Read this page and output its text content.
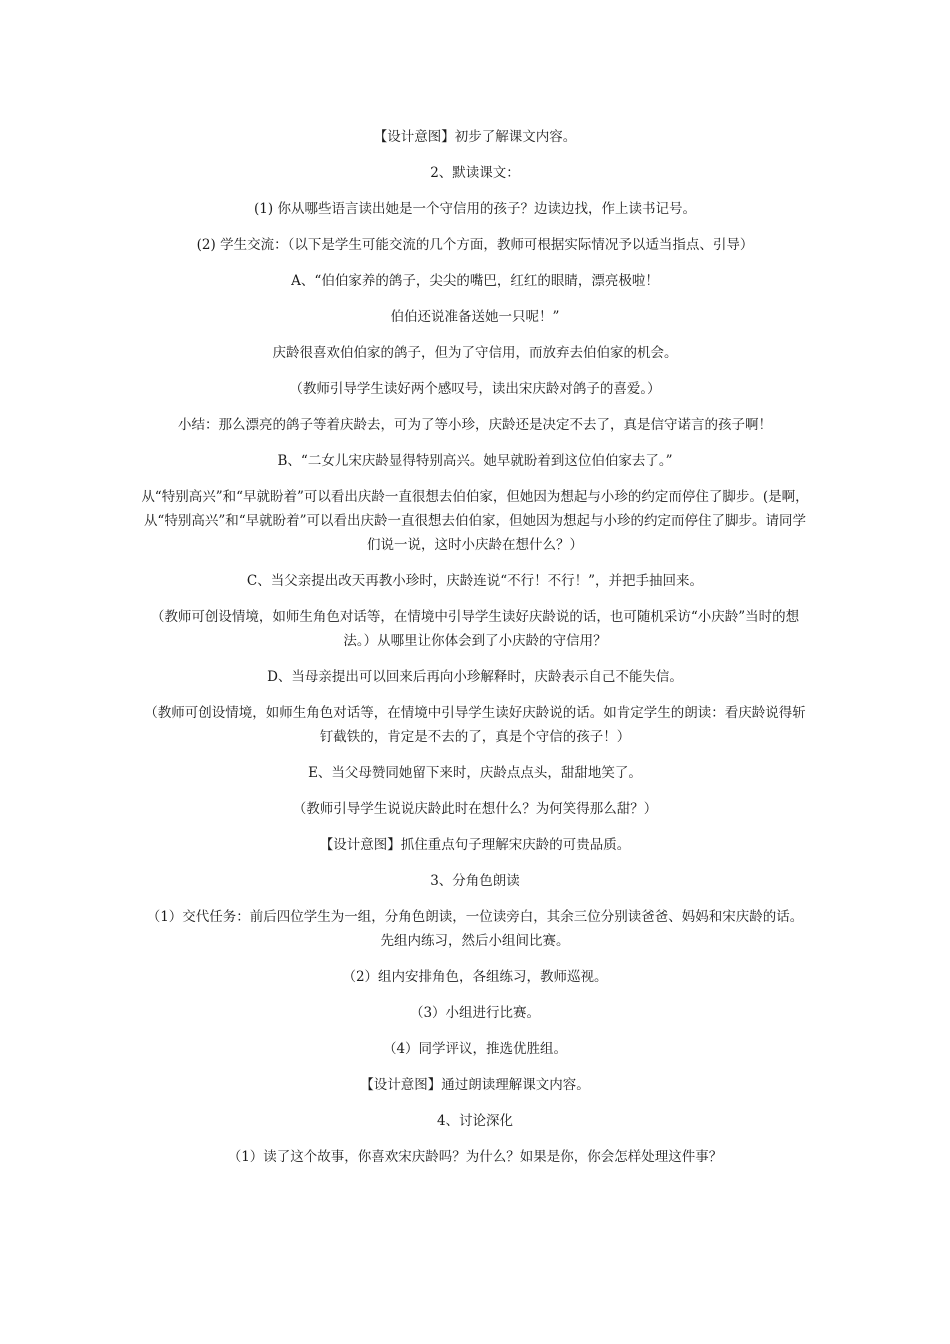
【设计意图】初步了解课文内容。

2、默读课文：

(1) 你从哪些语言读出她是一个守信用的孩子？边读边找，作上读书记号。

(2) 学生交流：（以下是学生可能交流的几个方面，教师可根据实际情况予以适当指点、引导）

A、“伯伯家养的鸽子，尖尖的嘴巴，红红的眼睛，漂亮极啦！

伯伯还说准备送她一只呢！”

庆龄很喜欢伯伯家的鸽子，但为了守信用，而放弃去伯伯家的机会。

（教师引导学生读好两个感叹号，读出宋庆龄对鸽子的喜爱。）

小结：那么漂亮的鸽子等着庆龄去，可为了等小珍，庆龄还是决定不去了，真是信守诺言的孩子啊！

B、“二女儿宋庆龄显得特别高兴。她早就盼着到这位伯伯家去了。”

从“特别高兴”和“早就盼着”可以看出庆龄一直很想去伯伯家，但她因为想起与小珍的约定而停住了脚步。(是啊，从“特别高兴”和“早就盼着”可以看出庆龄一直很想去伯伯家，但她因为想起与小珍的约定而停住了脚步。请同学们说一说，这时小庆龄在想什么？）

C、当父亲提出改天再教小珍时，庆龄连说“不行！不行！”，并把手抽回来。

（教师可创设情境，如师生角色对话等，在情境中引导学生读好庆龄说的话，也可随机采访“小庆龄”当时的想法。）从哪里让你体会到了小庆龄的守信用？

D、当母亲提出可以回来后再向小珍解释时，庆龄表示自己不能失信。

（教师可创设情境，如师生角色对话等，在情境中引导学生读好庆龄说的话。如肯定学生的朗读：看庆龄说得斩钉截铁的，肯定是不去的了，真是个守信的孩子！）

E、当父母赞同她留下来时，庆龄点点头，甜甜地笑了。

（教师引导学生说说庆龄此时在想什么？为何笑得那么甜？）

【设计意图】抓住重点句子理解宋庆龄的可贵品质。

3、分角色朗读

（1）交代任务：前后四位学生为一组，分角色朗读，一位读旁白，其余三位分别读爸爸、妈妈和宋庆龄的话。先组内练习，然后小组间比赛。

（2）组内安排角色，各组练习，教师巡视。

（3）小组进行比赛。

（4）同学评议，推选优胜组。

【设计意图】通过朗读理解课文内容。

4、讨论深化

（1）读了这个故事，你喜欢宋庆龄吗？为什么？如果是你，你会怎样处理这件事？
